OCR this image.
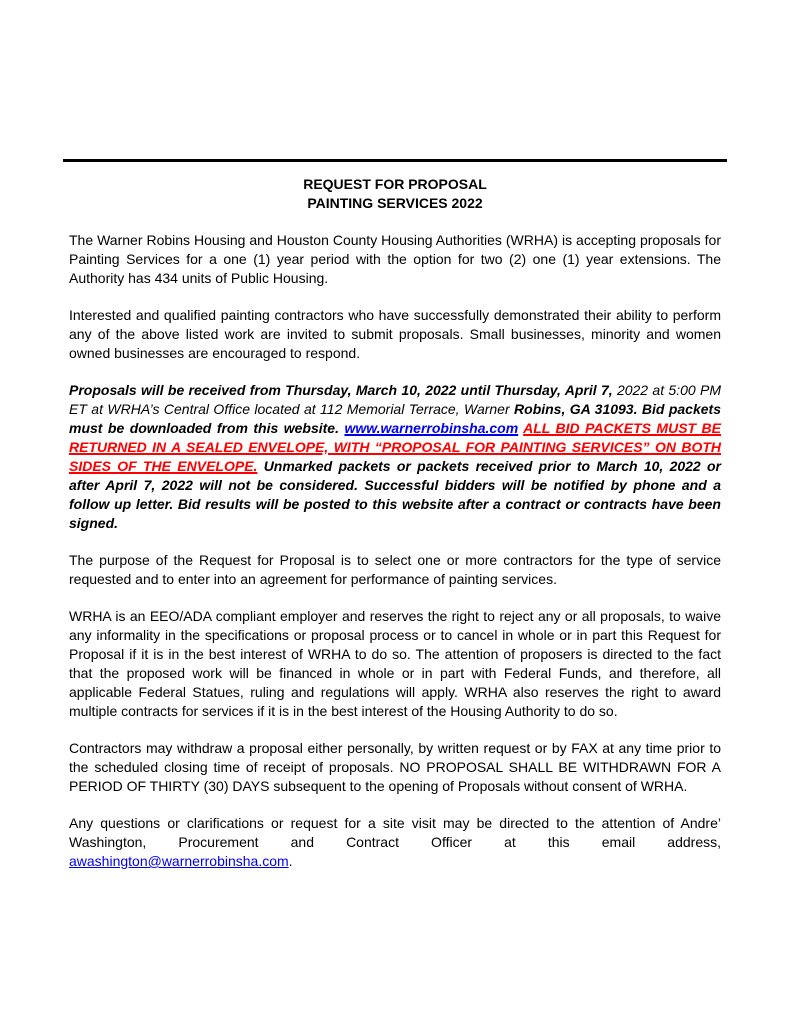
REQUEST FOR PROPOSAL
PAINTING SERVICES 2022

The Warner Robins Housing and Houston County Housing Authorities (WRHA) is accepting proposals for Painting Services for a one (1) year period with the option for two (2) one (1) year extensions. The Authority has 434 units of Public Housing.

Interested and qualified painting contractors who have successfully demonstrated their ability to perform any of the above listed work are invited to submit proposals. Small businesses, minority and women owned businesses are encouraged to respond.

Proposals will be received from Thursday, March 10, 2022 until Thursday, April 7, 2022 at 5:00 PM ET at WRHA’s Central Office located at 112 Memorial Terrace, Warner Robins, GA 31093. Bid packets must be downloaded from this website. www.warnerrobinsha.com ALL BID PACKETS MUST BE RETURNED IN A SEALED ENVELOPE, WITH “PROPOSAL FOR PAINTING SERVICES” ON BOTH SIDES OF THE ENVELOPE. Unmarked packets or packets received prior to March 10, 2022 or after April 7, 2022 will not be considered. Successful bidders will be notified by phone and a follow up letter. Bid results will be posted to this website after a contract or contracts have been signed.

The purpose of the Request for Proposal is to select one or more contractors for the type of service requested and to enter into an agreement for performance of painting services.

WRHA is an EEO/ADA compliant employer and reserves the right to reject any or all proposals, to waive any informality in the specifications or proposal process or to cancel in whole or in part this Request for Proposal if it is in the best interest of WRHA to do so. The attention of proposers is directed to the fact that the proposed work will be financed in whole or in part with Federal Funds, and therefore, all applicable Federal Statues, ruling and regulations will apply. WRHA also reserves the right to award multiple contracts for services if it is in the best interest of the Housing Authority to do so.

Contractors may withdraw a proposal either personally, by written request or by FAX at any time prior to the scheduled closing time of receipt of proposals. NO PROPOSAL SHALL BE WITHDRAWN FOR A PERIOD OF THIRTY (30) DAYS subsequent to the opening of Proposals without consent of WRHA.

Any questions or clarifications or request for a site visit may be directed to the attention of Andre’ Washington, Procurement and Contract Officer at this email address, awashington@warnerrobinsha.com.
